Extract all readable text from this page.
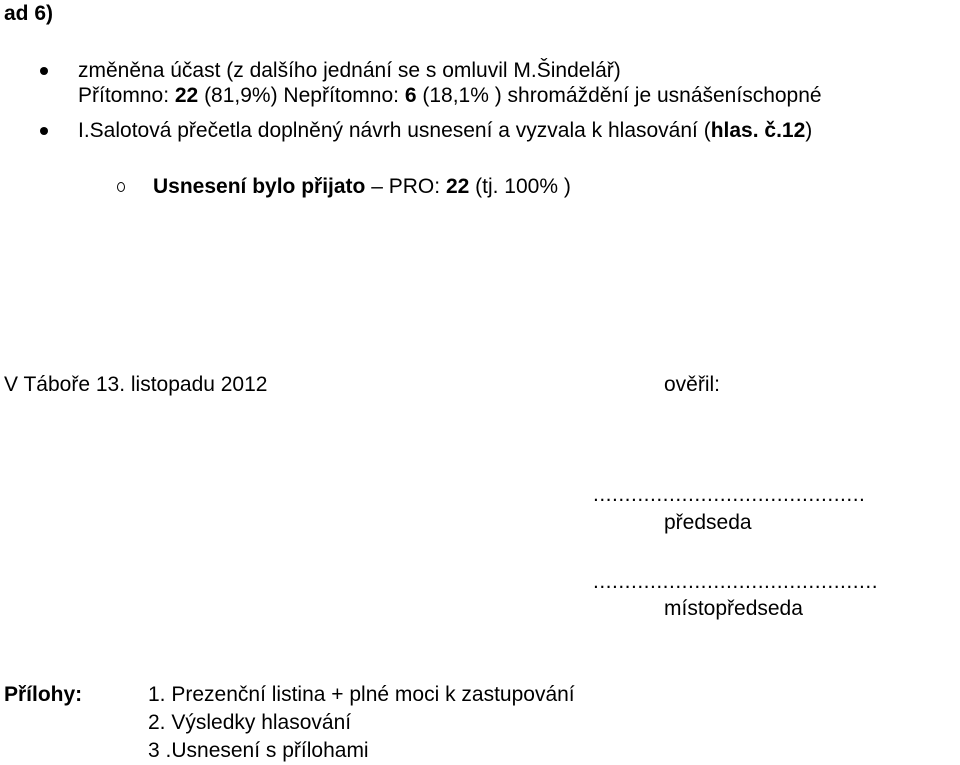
ad 6)
změněna účast (z dalšího jednání se s omluvil M.Šindelář)
Přítomno: 22 (81,9%) Nepřítomno: 6 (18,1% ) shromáždění je usnášeníschopné
I.Salotová přečetla doplněný návrh usnesení a vyzvala k hlasování (hlas. č.12)
Usnesení bylo přijato – PRO: 22 (tj. 100% )
V Táboře 13. listopadu 2012	ověřil:
...........................................
předseda
.............................................
místopředseda
Přílohy:	1. Prezenční listina + plné moci k zastupování
2. Výsledky hlasování
3 .Usnesení s přílohami
